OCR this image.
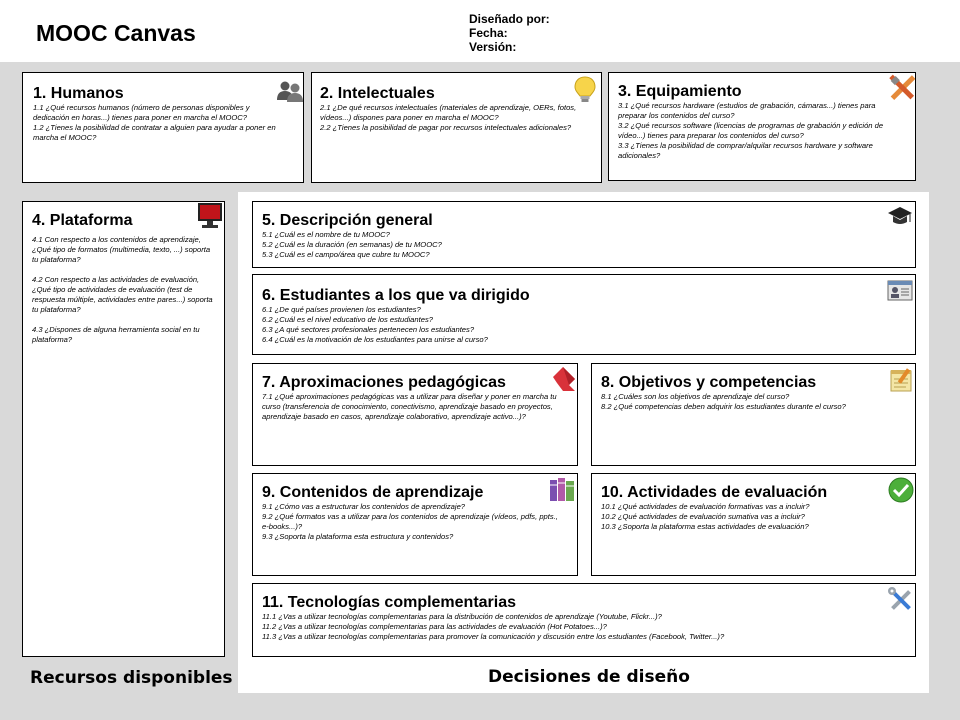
MOOC Canvas
Diseñado por:
Fecha:
Versión:
1. Humanos
1.1 ¿Qué recursos humanos (número de personas disponibles y dedicación en horas...) tienes para poner en marcha el MOOC?
1.2 ¿Tienes la posibilidad de contratar a alguien para ayudar a poner en marcha el MOOC?
2. Intelectuales
2.1 ¿De qué recursos intelectuales (materiales de aprendizaje, OERs, fotos, vídeos...) dispones para poner en marcha el MOOC?
2.2 ¿Tienes la posibilidad de pagar por recursos intelectuales adicionales?
3. Equipamiento
3.1 ¿Qué recursos hardware (estudios de grabación, cámaras...) tienes para preparar los contenidos del curso?
3.2 ¿Qué recursos software (licencias de programas de grabación y edición de vídeo...) tienes para preparar los contenidos del curso?
3.3 ¿Tienes la posibilidad de comprar/alquilar recursos hardware y software adicionales?
4. Plataforma
4.1 Con respecto a los contenidos de aprendizaje, ¿Qué tipo de formatos (multimedia, texto, ...) soporta tu plataforma?
4.2 Con respecto a las actividades de evaluación, ¿Qué tipo de actividades de evaluación (test de respuesta múltiple, actividades entre pares...) soporta tu plataforma?
4.3 ¿Dispones de alguna herramienta social en tu plataforma?
5. Descripción general
5.1 ¿Cuál es el nombre de tu MOOC?
5.2 ¿Cuál es la duración (en semanas) de tu MOOC?
5.3 ¿Cuál es el campo/área que cubre tu MOOC?
6. Estudiantes a los que va dirigido
6.1 ¿De qué países provienen los estudiantes?
6.2 ¿Cuál es el nivel educativo de los estudiantes?
6.3 ¿A qué sectores profesionales pertenecen los estudiantes?
6.4 ¿Cuál es la motivación de los estudiantes para unirse al curso?
7. Aproximaciones pedagógicas
7.1 ¿Qué aproximaciones pedagógicas vas a utilizar para diseñar y poner en marcha tu curso (transferencia de conocimiento, conectivismo, aprendizaje basado en proyectos, aprendizaje basado en casos, aprendizaje colaborativo, aprendizaje activo...)?
8. Objetivos y competencias
8.1 ¿Cuáles son los objetivos de aprendizaje del curso?
8.2 ¿Qué competencias deben adquirir los estudiantes durante el curso?
9. Contenidos de aprendizaje
9.1 ¿Cómo vas a estructurar los contenidos de aprendizaje?
9.2 ¿Qué formatos vas a utilizar para los contenidos de aprendizaje (vídeos, pdfs, ppts., e-books...)?
9.3 ¿Soporta la plataforma esta estructura y contenidos?
10. Actividades de evaluación
10.1 ¿Qué actividades de evaluación formativas vas a incluir?
10.2 ¿Qué actividades de evaluación sumativa vas a incluir?
10.3 ¿Soporta la plataforma estas actividades de evaluación?
11. Tecnologías complementarias
11.1 ¿Vas a utilizar tecnologías complementarias para la distribución de contenidos de aprendizaje (Youtube, Flickr...)?
11.2 ¿Vas a utilizar tecnologías complementarias para las actividades de evaluación (Hot Potatoes...)?
11.3 ¿Vas a utilizar tecnologías complementarias para promover la comunicación y discusión entre los estudiantes (Facebook, Twitter...)?
Recursos disponibles	Decisiones de diseño
